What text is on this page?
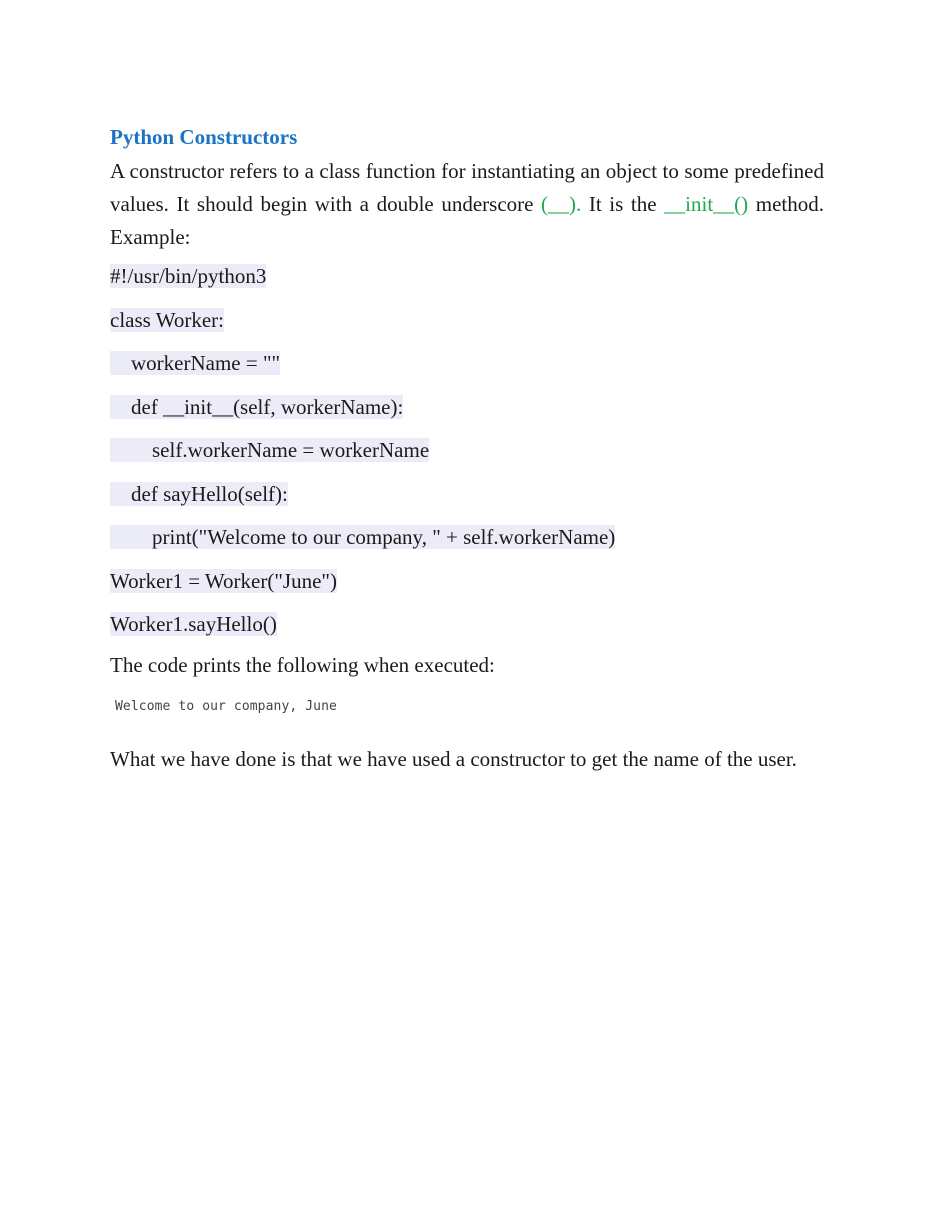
Python Constructors

A constructor refers to a class function for instantiating an object to some predefined values. It should begin with a double underscore (__). It is the __init__() method. Example:

#!/usr/bin/python3
class Worker:
workerName = ""
def __init__(self, workerName):
self.workerName = workerName
def sayHello(self):
print("Welcome to our company, " + self.workerName)
Worker1 = Worker("June")
Worker1.sayHello()
The code prints the following when executed:
Welcome to our company, June

What we have done is that we have used a constructor to get the name of the user.
